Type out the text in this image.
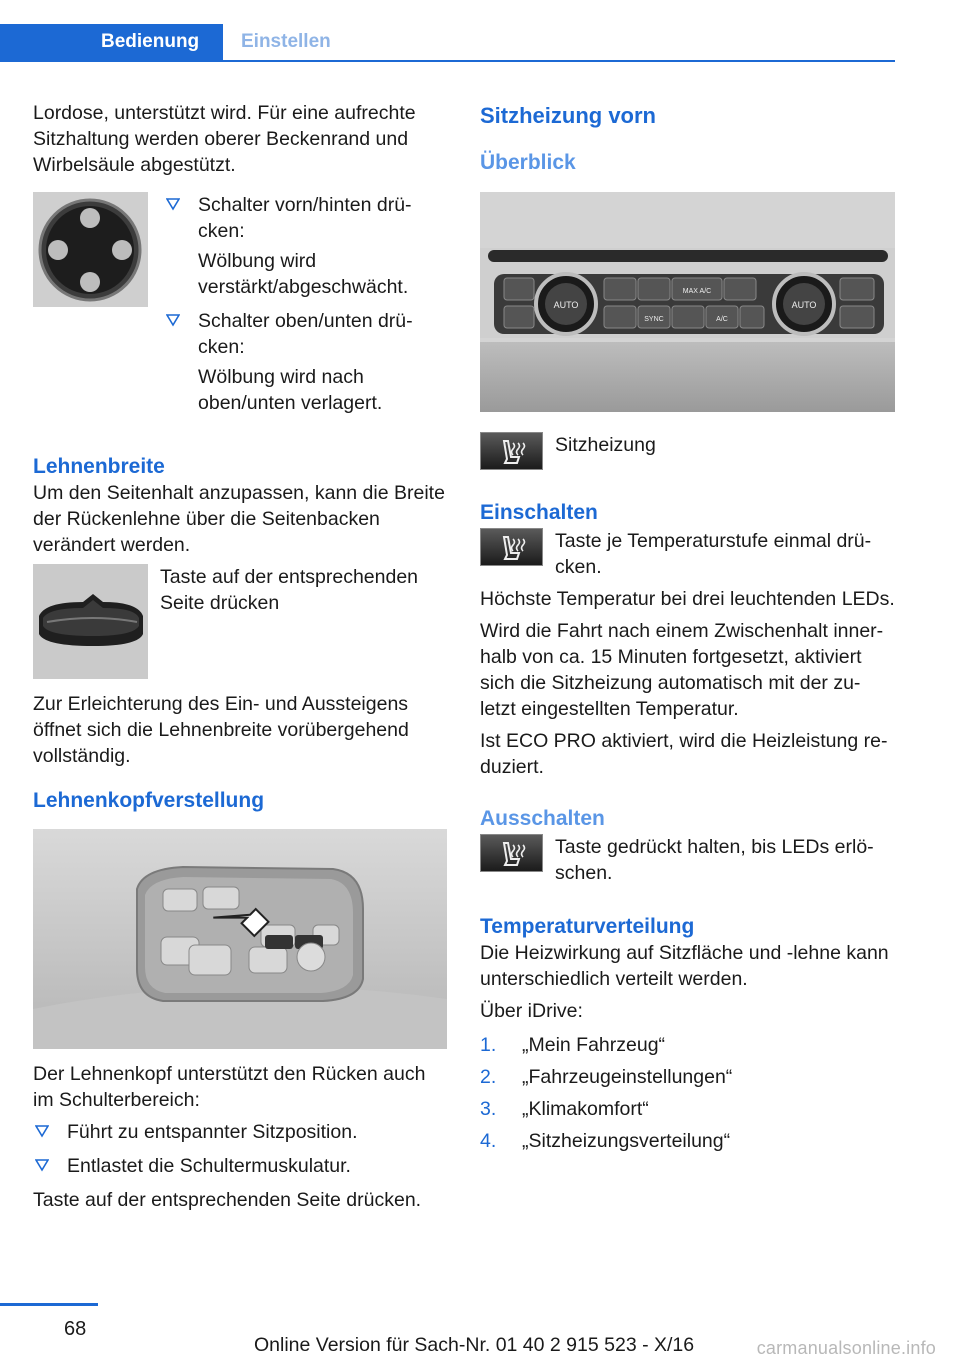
Bedienung	Einstellen

Lordose, unterstützt wird. Für eine aufrechte Sitzhaltung werden oberer Beckenrand und Wirbelsäule abgestützt.

Schalter vorn/hinten drü‐cken:
Wölbung wird verstärkt/abgeschwächt.
Schalter oben/unten drü‐cken:
Wölbung wird nach oben/unten verlagert.
Lehnenbreite

Um den Seitenhalt anzupassen, kann die Breite der Rückenlehne über die Seitenbacken verändert werden.

Taste auf der entsprechenden Seite drücken

Zur Erleichterung des Ein- und Aussteigens öffnet sich die Lehnenbreite vorübergehend vollständig.

Lehnenkopfverstellung

Der Lehnenkopf unterstützt den Rücken auch im Schulterbereich:

Führt zu entspannter Sitzposition.
Entlastet die Schultermuskulatur.

Taste auf der entsprechenden Seite drücken.

Sitzheizung vorn
Überblick
AUTO	AUTO
MAX A/C
SYNC	A/C

Sitzheizung

Einschalten

Taste je Temperaturstufe einmal drü‐cken.

Höchste Temperatur bei drei leuchtenden LEDs.

Wird die Fahrt nach einem Zwischenhalt inner‐halb von ca. 15 Minuten fortgesetzt, aktiviert sich die Sitzheizung automatisch mit der zu‐letzt eingestellten Temperatur.

Ist ECO PRO aktiviert, wird die Heizleistung re‐duziert.

Ausschalten

Taste gedrückt halten, bis LEDs erlö‐schen.

Temperaturverteilung

Die Heizwirkung auf Sitzfläche und -lehne kann unterschiedlich verteilt werden.

Über iDrive:

1. „Mein Fahrzeug“
2. „Fahrzeugeinstellungen“
3. „Klimakomfort“
4. „Sitzheizungsverteilung“
68
Online Version für Sach-Nr. 01 40 2 915 523 - X/16	carmanualsonline.info
